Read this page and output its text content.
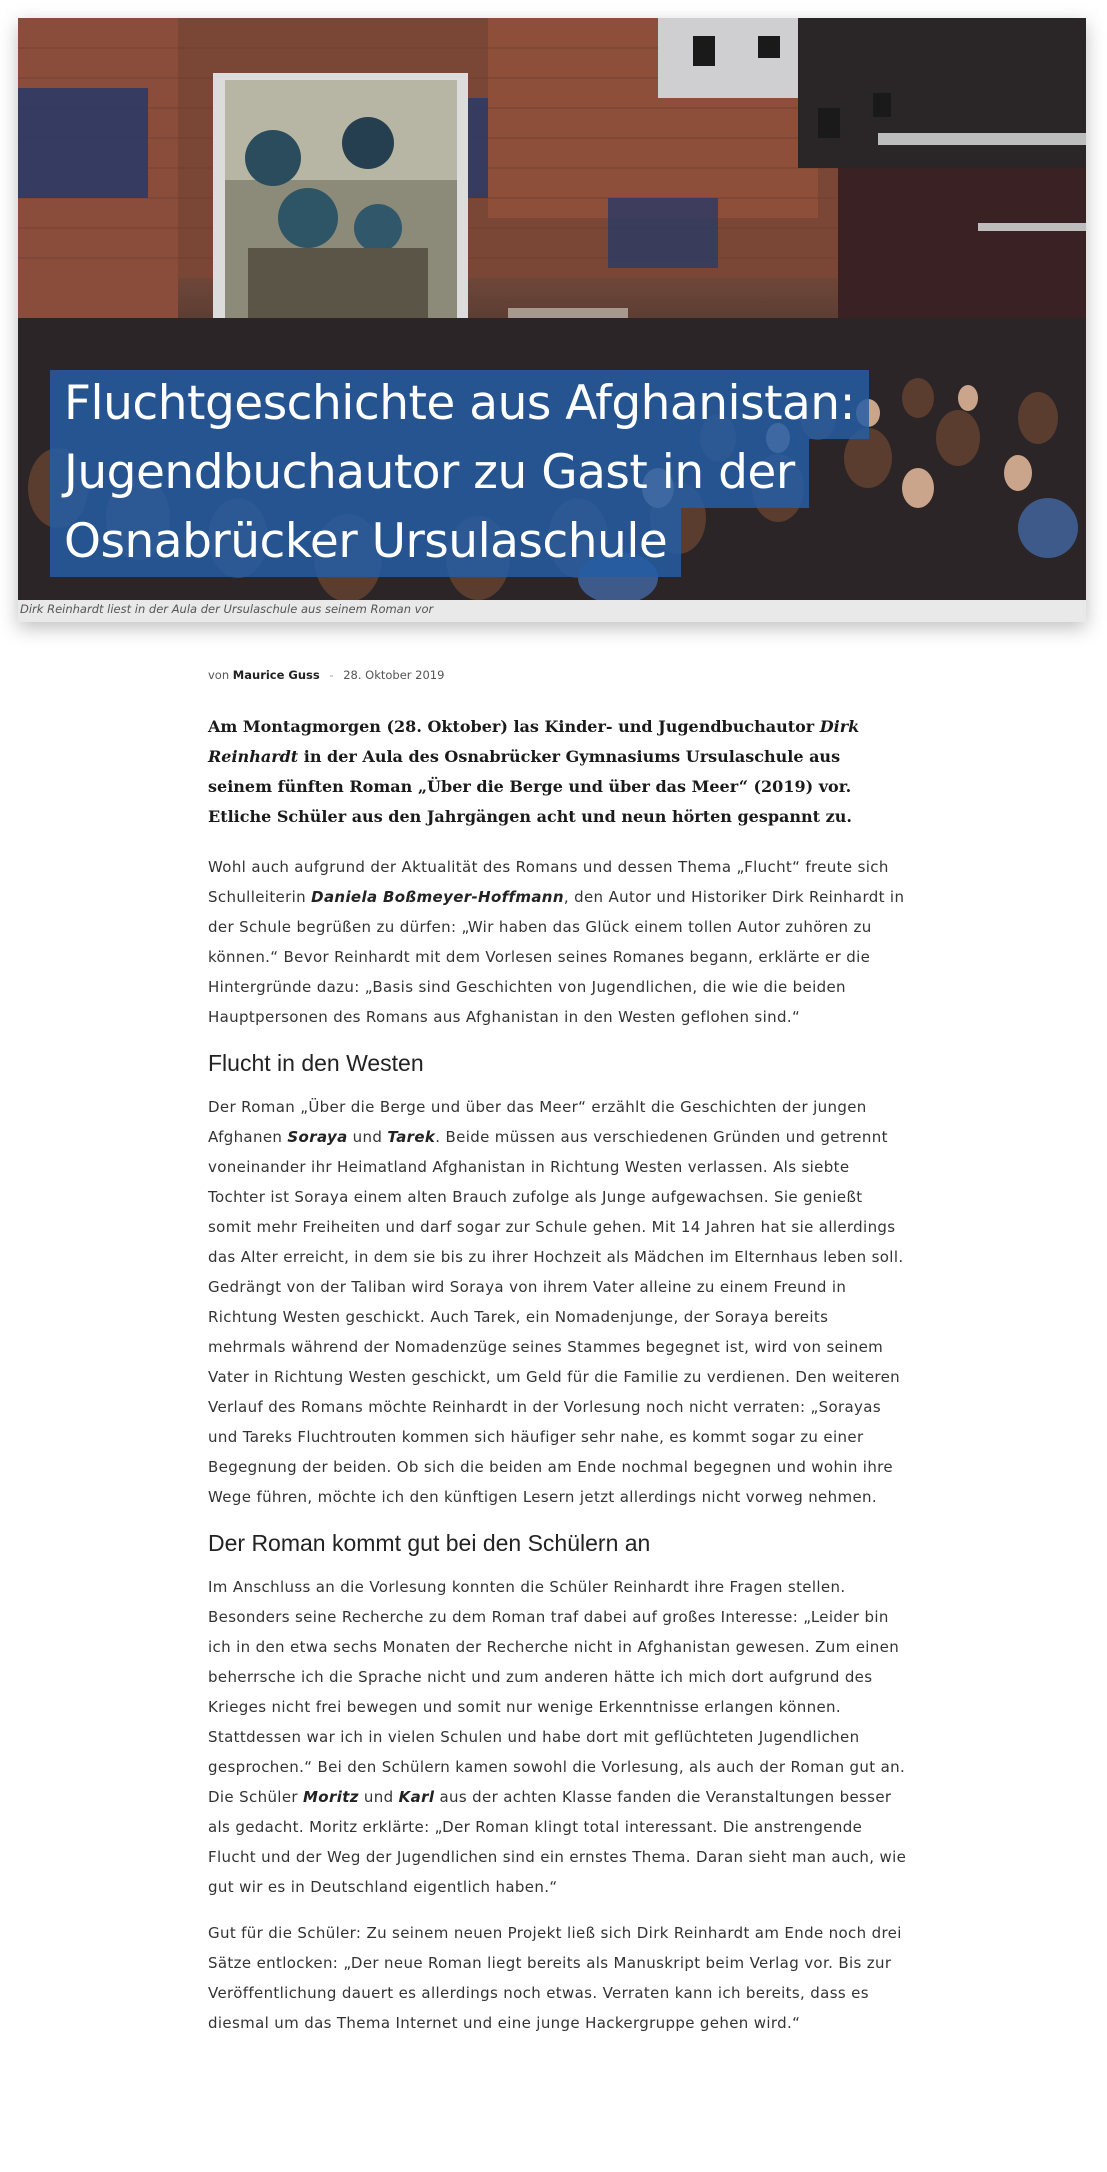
Fluchtgeschichte aus Afghanistan:
Jugendbuchautor zu Gast in der
Osnabrücker Ursulaschule
Dirk Reinhardt liest in der Aula der Ursulaschule aus seinem Roman vor
von Maurice Guss - 28. Oktober 2019

Am Montagmorgen (28. Oktober) las Kinder- und Jugendbuchautor Dirk Reinhardt in der Aula des Osnabrücker Gymnasiums Ursulaschule aus seinem fünften Roman „Über die Berge und über das Meer“ (2019) vor. Etliche Schüler aus den Jahrgängen acht und neun hörten gespannt zu.

Wohl auch aufgrund der Aktualität des Romans und dessen Thema „Flucht“ freute sich Schulleiterin Daniela Boßmeyer-Hoffmann, den Autor und Historiker Dirk Reinhardt in der Schule begrüßen zu dürfen: „Wir haben das Glück einem tollen Autor zuhören zu können.“ Bevor Reinhardt mit dem Vorlesen seines Romanes begann, erklärte er die Hintergründe dazu: „Basis sind Geschichten von Jugendlichen, die wie die beiden Hauptpersonen des Romans aus Afghanistan in den Westen geflohen sind.“

Flucht in den Westen

Der Roman „Über die Berge und über das Meer“ erzählt die Geschichten der jungen Afghanen Soraya und Tarek. Beide müssen aus verschiedenen Gründen und getrennt voneinander ihr Heimatland Afghanistan in Richtung Westen verlassen. Als siebte Tochter ist Soraya einem alten Brauch zufolge als Junge aufgewachsen. Sie genießt somit mehr Freiheiten und darf sogar zur Schule gehen. Mit 14 Jahren hat sie allerdings das Alter erreicht, in dem sie bis zu ihrer Hochzeit als Mädchen im Elternhaus leben soll. Gedrängt von der Taliban wird Soraya von ihrem Vater alleine zu einem Freund in Richtung Westen geschickt. Auch Tarek, ein Nomadenjunge, der Soraya bereits mehrmals während der Nomadenzüge seines Stammes begegnet ist, wird von seinem Vater in Richtung Westen geschickt, um Geld für die Familie zu verdienen. Den weiteren Verlauf des Romans möchte Reinhardt in der Vorlesung noch nicht verraten: „Sorayas und Tareks Fluchtrouten kommen sich häufiger sehr nahe, es kommt sogar zu einer Begegnung der beiden. Ob sich die beiden am Ende nochmal begegnen und wohin ihre Wege führen, möchte ich den künftigen Lesern jetzt allerdings nicht vorweg nehmen.

Der Roman kommt gut bei den Schülern an

Im Anschluss an die Vorlesung konnten die Schüler Reinhardt ihre Fragen stellen. Besonders seine Recherche zu dem Roman traf dabei auf großes Interesse: „Leider bin ich in den etwa sechs Monaten der Recherche nicht in Afghanistan gewesen. Zum einen beherrsche ich die Sprache nicht und zum anderen hätte ich mich dort aufgrund des Krieges nicht frei bewegen und somit nur wenige Erkenntnisse erlangen können. Stattdessen war ich in vielen Schulen und habe dort mit geflüchteten Jugendlichen gesprochen.“ Bei den Schülern kamen sowohl die Vorlesung, als auch der Roman gut an. Die Schüler Moritz und Karl aus der achten Klasse fanden die Veranstaltungen besser als gedacht. Moritz erklärte: „Der Roman klingt total interessant. Die anstrengende Flucht und der Weg der Jugendlichen sind ein ernstes Thema. Daran sieht man auch, wie gut wir es in Deutschland eigentlich haben.“

Gut für die Schüler: Zu seinem neuen Projekt ließ sich Dirk Reinhardt am Ende noch drei Sätze entlocken: „Der neue Roman liegt bereits als Manuskript beim Verlag vor. Bis zur Veröffentlichung dauert es allerdings noch etwas. Verraten kann ich bereits, dass es diesmal um das Thema Internet und eine junge Hackergruppe gehen wird.“
